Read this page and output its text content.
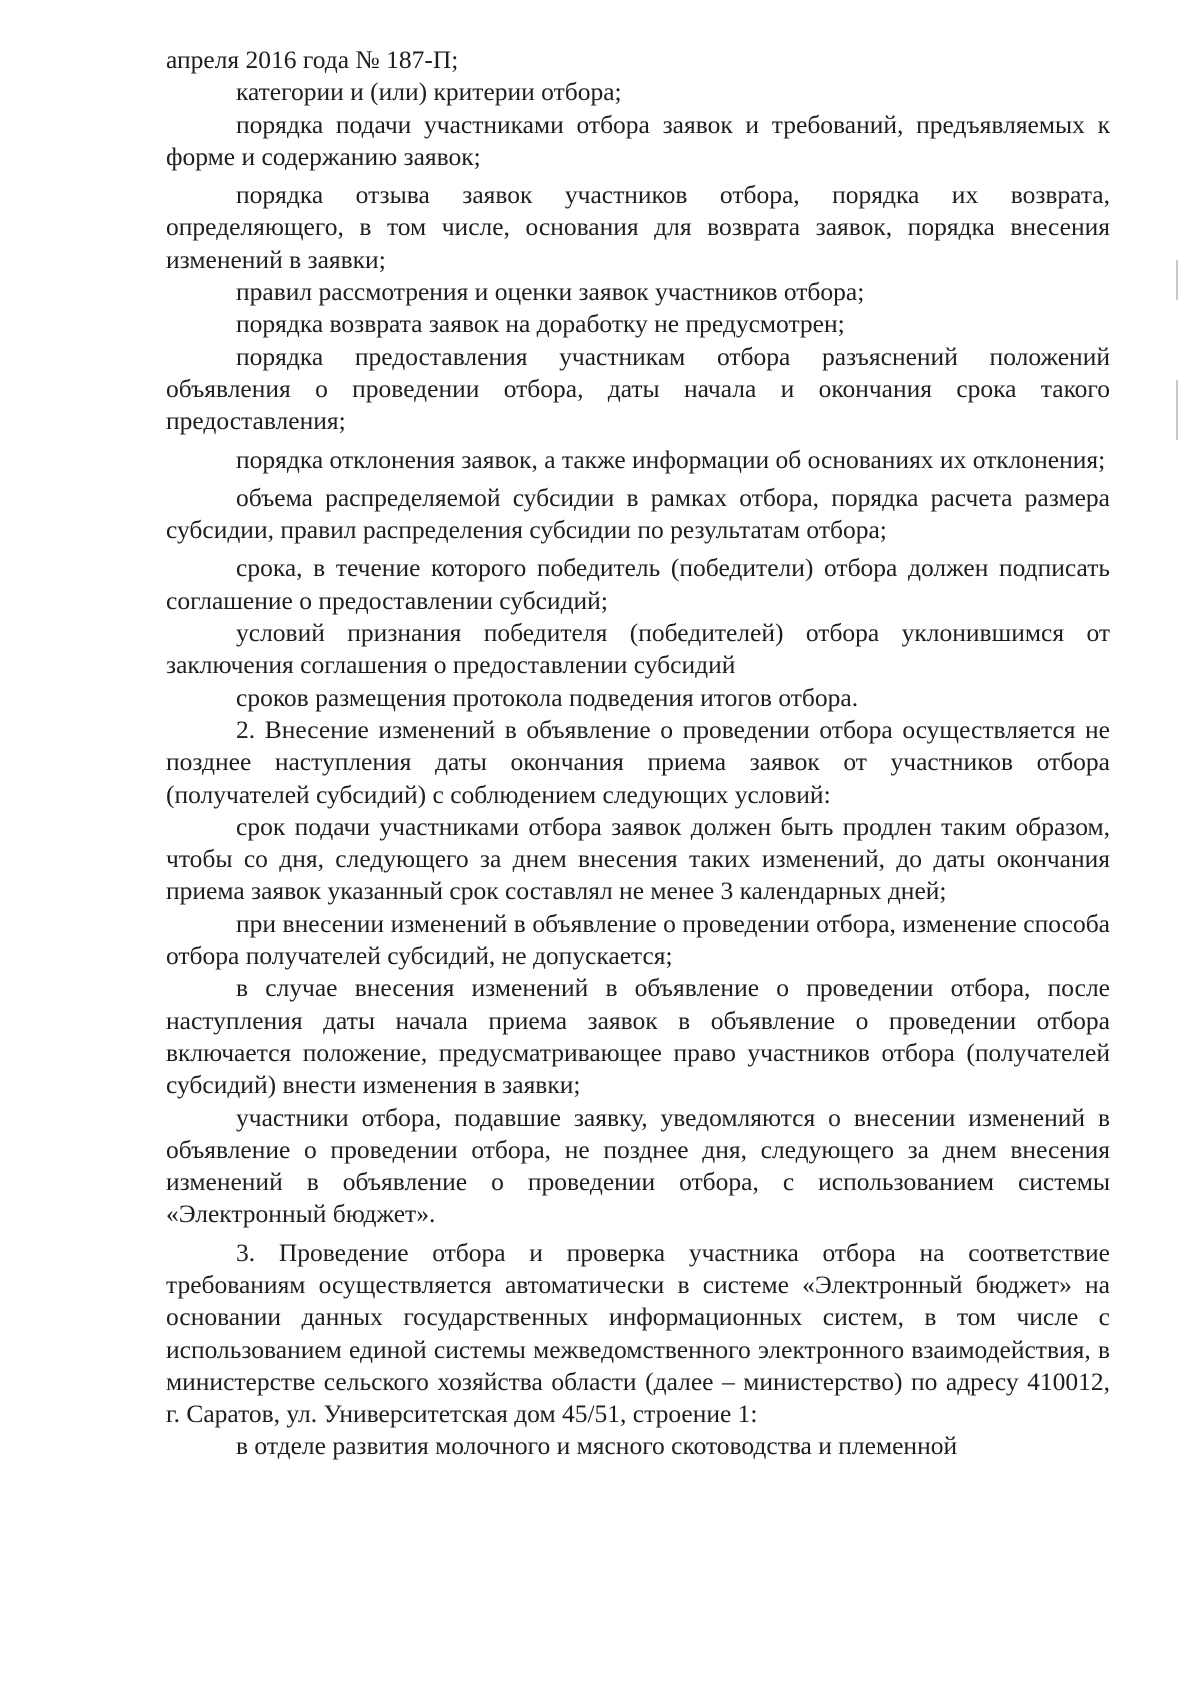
апреля 2016 года № 187-П;

категории и (или) критерии отбора;

порядка подачи участниками отбора заявок и требований, предъявляемых к форме и содержанию заявок;

порядка отзыва заявок участников отбора, порядка их возврата, определяющего, в том числе, основания для возврата заявок, порядка внесения изменений в заявки;

правил рассмотрения и оценки заявок участников отбора;

порядка возврата заявок на доработку не предусмотрен;

порядка предоставления участникам отбора разъяснений положений объявления о проведении отбора, даты начала и окончания срока такого предоставления;

порядка отклонения заявок, а также информации об основаниях их отклонения;

объема распределяемой субсидии в рамках отбора, порядка расчета размера субсидии, правил распределения субсидии по результатам отбора;

срока, в течение которого победитель (победители) отбора должен подписать соглашение о предоставлении субсидий;

условий признания победителя (победителей) отбора уклонившимся от заключения соглашения о предоставлении субсидий

сроков размещения протокола подведения итогов отбора.

2. Внесение изменений в объявление о проведении отбора осуществляется не позднее наступления даты окончания приема заявок от участников отбора (получателей субсидий) с соблюдением следующих условий:

срок подачи участниками отбора заявок должен быть продлен таким образом, чтобы со дня, следующего за днем внесения таких изменений, до даты окончания приема заявок указанный срок составлял не менее 3 календарных дней;

при внесении изменений в объявление о проведении отбора, изменение способа отбора получателей субсидий, не допускается;

в случае внесения изменений в объявление о проведении отбора, после наступления даты начала приема заявок в объявление о проведении отбора включается положение, предусматривающее право участников отбора (получателей субсидий) внести изменения в заявки;

участники отбора, подавшие заявку, уведомляются о внесении изменений в объявление о проведении отбора, не позднее дня, следующего за днем внесения изменений в объявление о проведении отбора, с использованием системы «Электронный бюджет».

3. Проведение отбора и проверка участника отбора на соответствие требованиям осуществляется автоматически в системе «Электронный бюджет» на основании данных государственных информационных систем, в том числе с использованием единой системы межведомственного электронного взаимодействия, в министерстве сельского хозяйства области (далее – министерство) по адресу 410012, г. Саратов, ул. Университетская дом 45/51, строение 1:

в отделе развития молочного и мясного скотоводства и племенной
